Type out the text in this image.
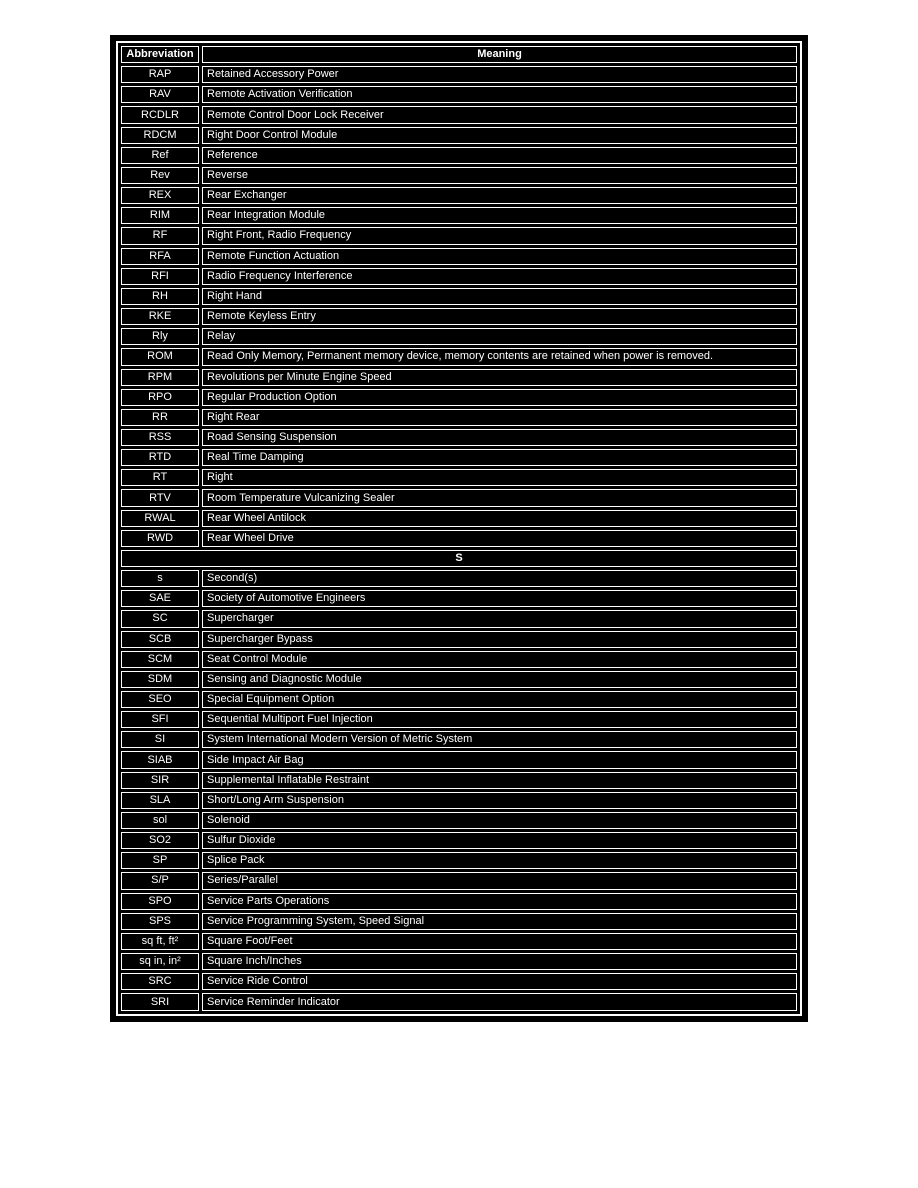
Abbreviation	Meaning
RAP	Retained Accessory Power
RAV	Remote Activation Verification
RCDLR	Remote Control Door Lock Receiver
RDCM	Right Door Control Module
Ref	Reference
Rev	Reverse
REX	Rear Exchanger
RIM	Rear Integration Module
RF	Right Front, Radio Frequency
RFA	Remote Function Actuation
RFI	Radio Frequency Interference
RH	Right Hand
RKE	Remote Keyless Entry
Rly	Relay
ROM	Read Only Memory, Permanent memory device, memory contents are retained when power is removed.
RPM	Revolutions per Minute Engine Speed
RPO	Regular Production Option
RR	Right Rear
RSS	Road Sensing Suspension
RTD	Real Time Damping
RT	Right
RTV	Room Temperature Vulcanizing Sealer
RWAL	Rear Wheel Antilock
RWD	Rear Wheel Drive
S	
s	Second(s)
SAE	Society of Automotive Engineers
SC	Supercharger
SCB	Supercharger Bypass
SCM	Seat Control Module
SDM	Sensing and Diagnostic Module
SEO	Special Equipment Option
SFI	Sequential Multiport Fuel Injection
SI	System International Modern Version of Metric System
SIAB	Side Impact Air Bag
SIR	Supplemental Inflatable Restraint
SLA	Short/Long Arm Suspension
sol	Solenoid
SO2	Sulfur Dioxide
SP	Splice Pack
S/P	Series/Parallel
SPO	Service Parts Operations
SPS	Service Programming System, Speed Signal
sq ft, ft²	Square Foot/Feet
sq in, in²	Square Inch/Inches
SRC	Service Ride Control
SRI	Service Reminder Indicator
